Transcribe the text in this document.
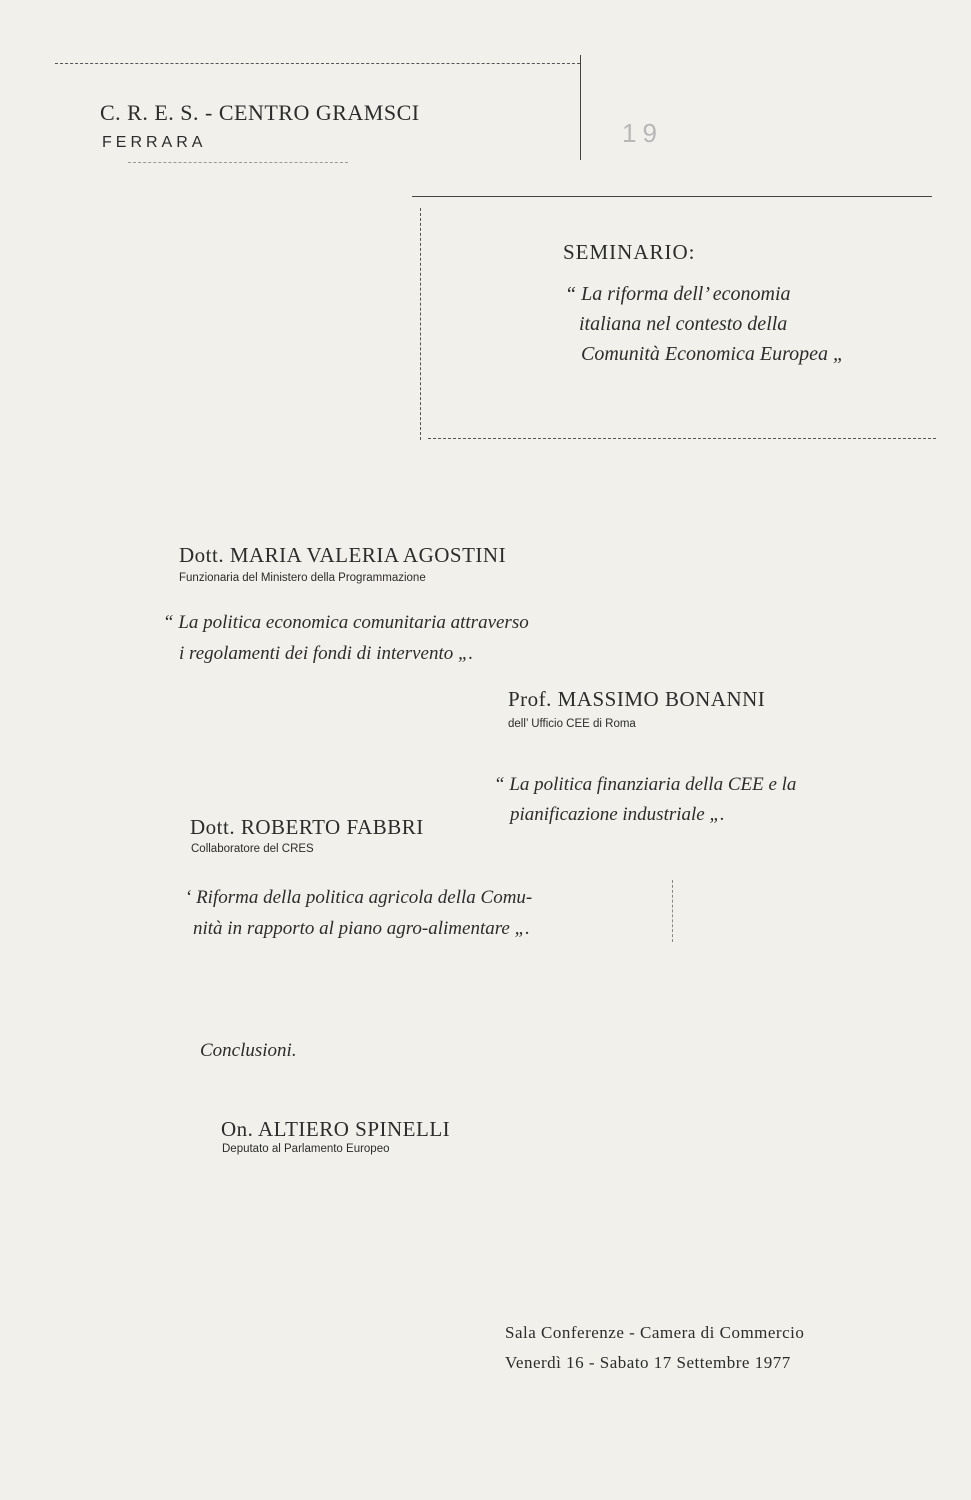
C. R. E. S. - CENTRO GRAMSCI
FERRARA	19
SEMINARIO:
“ La riforma dell’ economia
italiana nel contesto della
Comunità Economica Europea „
Dott. MARIA VALERIA AGOSTINI
Funzionaria del Ministero della Programmazione
“ La politica economica comunitaria attraverso
i regolamenti dei fondi di intervento „.
Prof. MASSIMO BONANNI
dell’ Ufficio CEE di Roma
“ La politica finanziaria della CEE e la
pianificazione industriale „.
Dott. ROBERTO FABBRI
Collaboratore del CRES
‘ Riforma della politica agricola della Comu-
nità in rapporto al piano agro-alimentare „.
Conclusioni.
On. ALTIERO SPINELLI
Deputato al Parlamento Europeo
Sala Conferenze - Camera di Commercio
Venerdì 16 - Sabato 17 Settembre 1977
